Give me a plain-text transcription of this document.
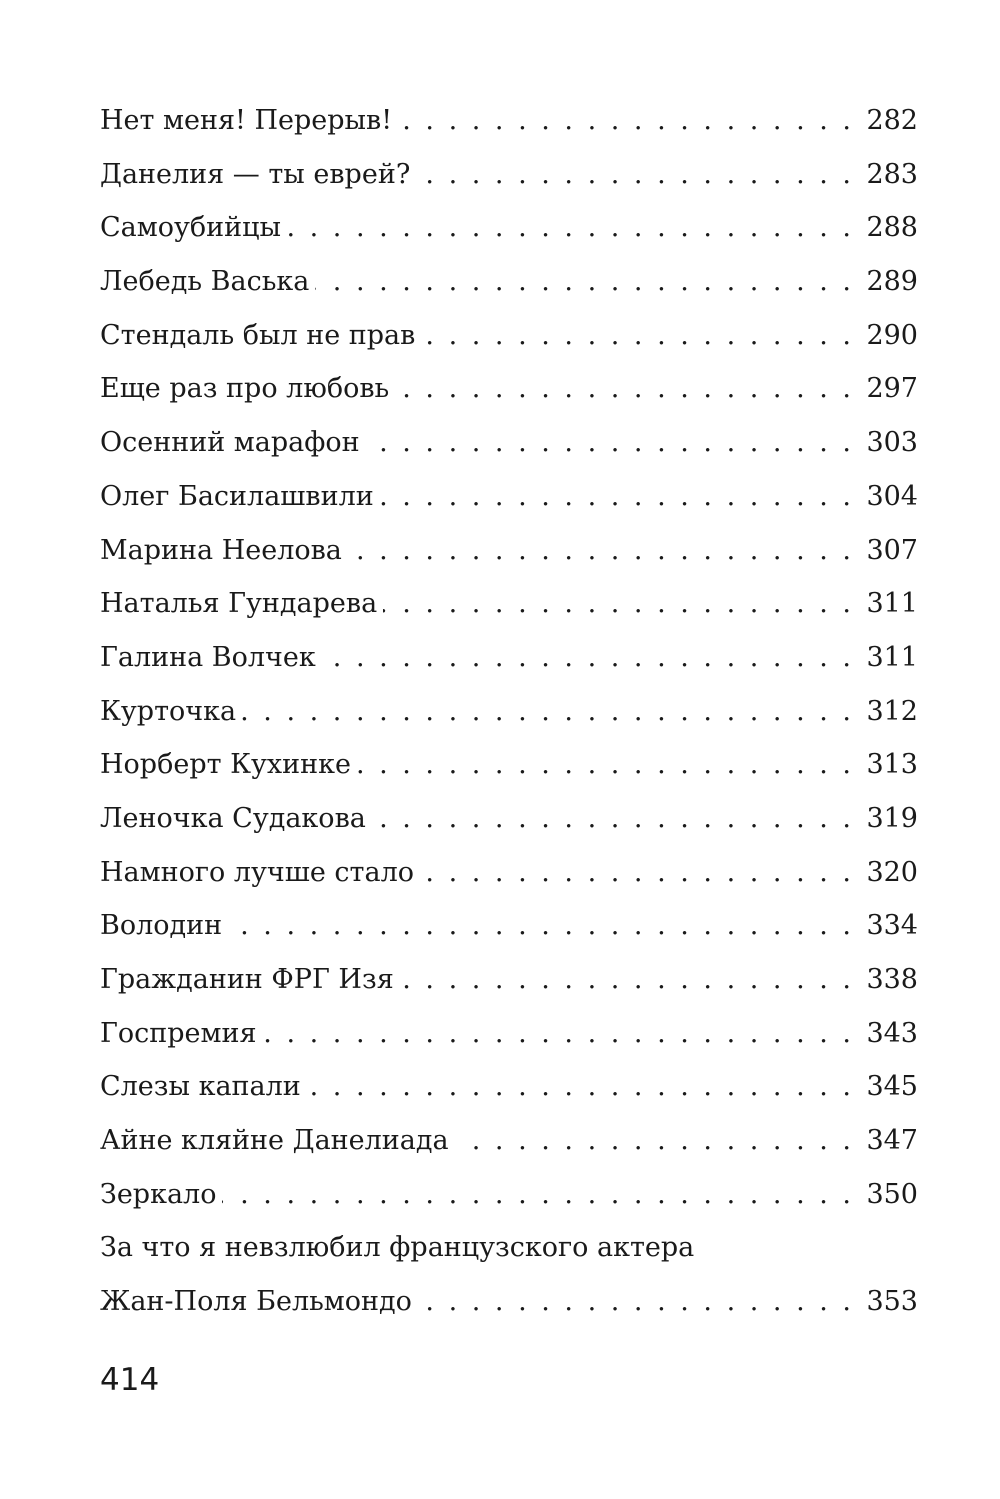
Нет меня! Перерыв! . . .	282
Данелия — ты еврей? . . .	283
Самоубийцы . . .	288
Лебедь Васька . . .	289
Стендаль был не прав . . .	290
Еще раз про любовь . . .	297
Осенний марафон . . .	303
Олег Басилашвили . . .	304
Марина Неелова . . .	307
Наталья Гундарева . . .	311
Галина Волчек . . .	311
Курточка . . .	312
Норберт Кухинке . . .	313
Леночка Судакова . . .	319
Намного лучше стало . . .	320
Володин . . .	334
Гражданин ФРГ Изя . . .	338
Госпремия . . .	343
Слезы капали . . .	345
Айне кляйне Данелиада . . .	347
Зеркало . . .	350
За что я невзлюбил французского актера
Жан-Поля Бельмондо . . .	353
414
